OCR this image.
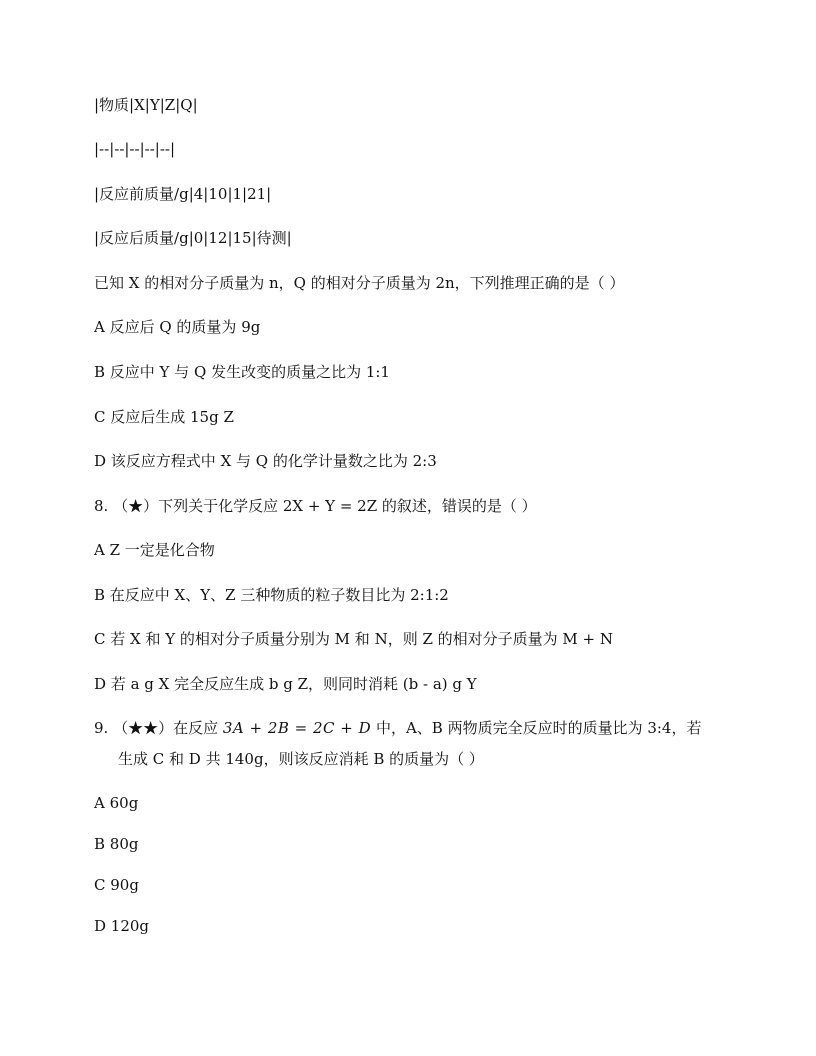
|物质|X|Y|Z|Q|
|--|--|--|--|--|
|反应前质量/g|4|10|1|21|
|反应后质量/g|0|12|15|待测|
已知 X 的相对分子质量为 n，Q 的相对分子质量为 2n，下列推理正确的是（ ）
A 反应后 Q 的质量为 9g
B 反应中 Y 与 Q 发生改变的质量之比为 1:1
C 反应后生成 15g Z
D 该反应方程式中 X 与 Q 的化学计量数之比为 2:3
8. （★）下列关于化学反应 2X + Y = 2Z 的叙述，错误的是（ ）
A Z 一定是化合物
B 在反应中 X、Y、Z 三种物质的粒子数目比为 2:1:2
C 若 X 和 Y 的相对分子质量分别为 M 和 N，则 Z 的相对分子质量为 M + N
D 若 a g X 完全反应生成 b g Z，则同时消耗 (b - a) g Y
9. （★★）在反应 3A + 2B = 2C + D 中，A、B 两物质完全反应时的质量比为 3:4，若
生成 C 和 D 共 140g，则该反应消耗 B 的质量为（ ）
A 60g
B 80g
C 90g
D 120g
